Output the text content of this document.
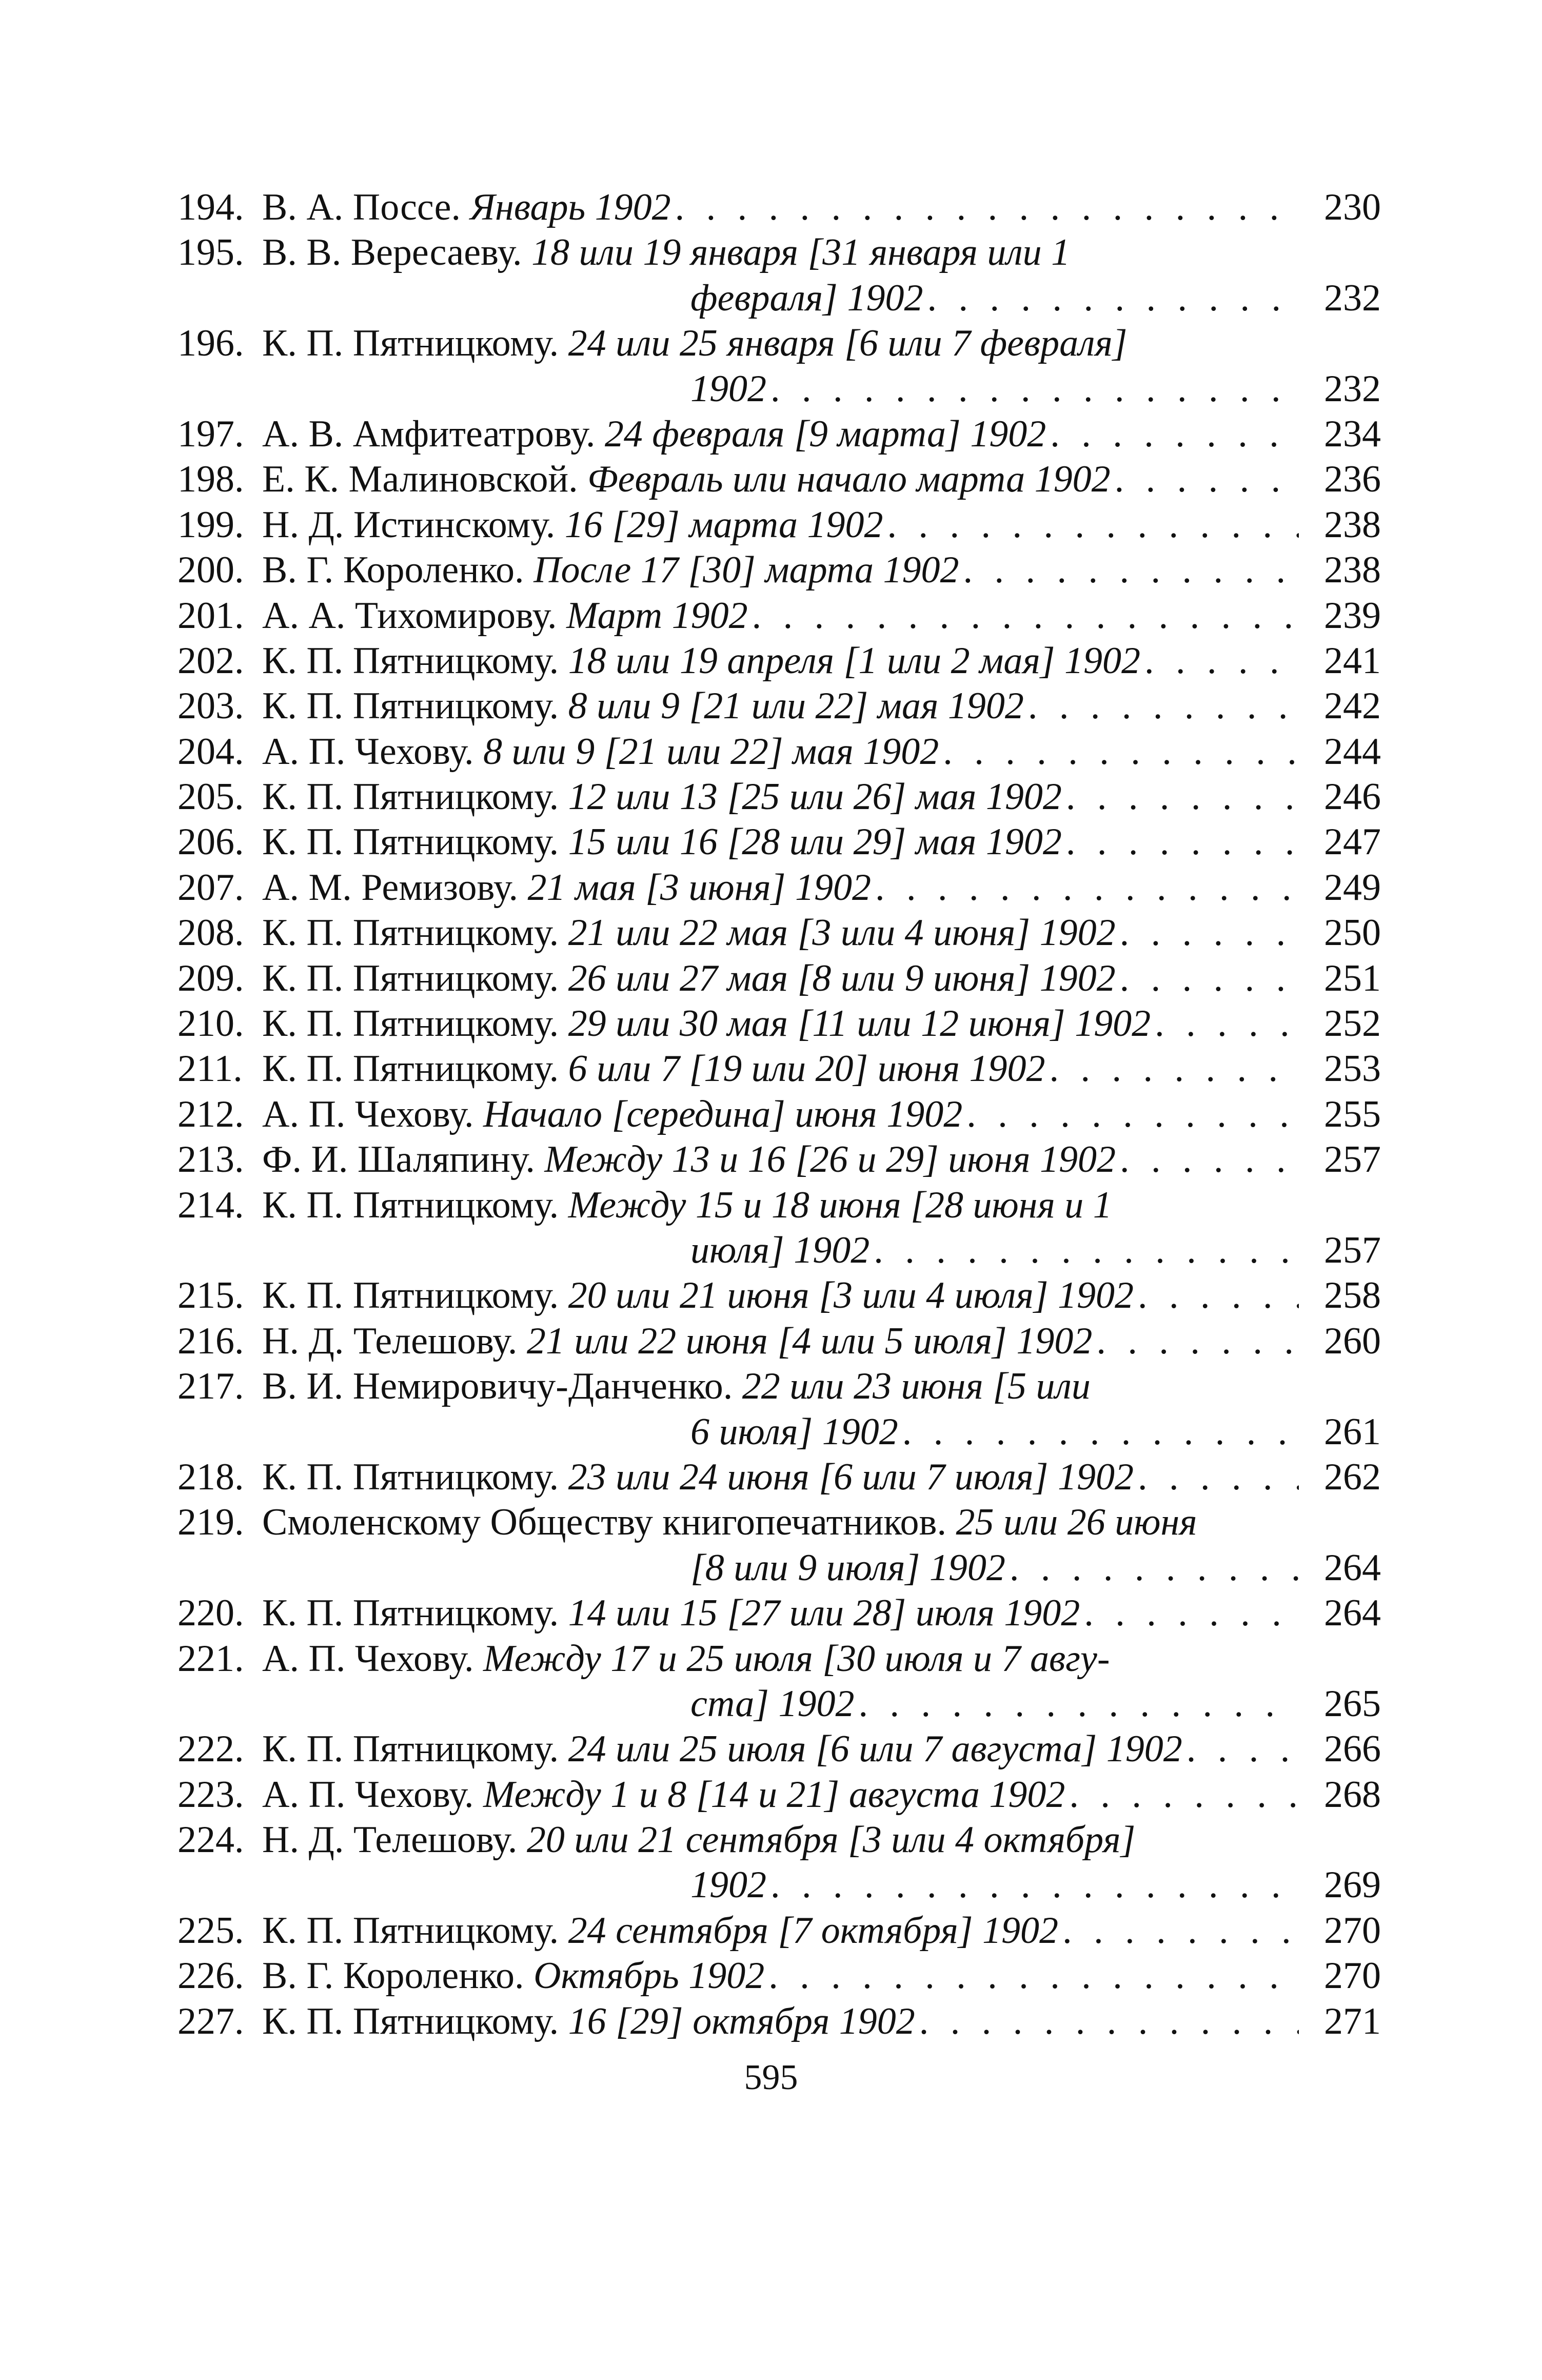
194. В. А. Поссе.
Январь 1902 . . .	230
195. В. В. Вересаеву.
18 или 19 января [31 января или 1
февраля] 1902 . . .	232
196. К. П. Пятницкому.
24 или 25 января [6 или 7 февраля]
1902 . . .	232
197. А. В. Амфитеатрову.
24 февраля [9 марта] 1902 . . .	234
198. Е. К. Малиновской.
Февраль или начало марта 1902 . . .	236
199. Н. Д. Истинскому.
16 [29] марта 1902 . . .	238
200. В. Г. Короленко.
После 17 [30] марта 1902 . . .	238
201. А. А. Тихомирову.
Март 1902 . . .	239
202. К. П. Пятницкому.
18 или 19 апреля [1 или 2 мая] 1902 . . .	241
203. К. П. Пятницкому.
8 или 9 [21 или 22] мая 1902 . . .	242
204. А. П. Чехову.
8 или 9 [21 или 22] мая 1902 . . .	244
205. К. П. Пятницкому.
12 или 13 [25 или 26] мая 1902 . . .	246
206. К. П. Пятницкому.
15 или 16 [28 или 29] мая 1902 . . .	247
207. А. М. Ремизову.
21 мая [3 июня] 1902 . . .	249
208. К. П. Пятницкому.
21 или 22 мая [3 или 4 июня] 1902 . . .	250
209. К. П. Пятницкому.
26 или 27 мая [8 или 9 июня] 1902 . . .	251
210. К. П. Пятницкому.
29 или 30 мая [11 или 12 июня] 1902 . . .	252
211. К. П. Пятницкому.
6 или 7 [19 или 20] июня 1902 . . .	253
212. А. П. Чехову.
Начало [середина] июня 1902 . . .	255
213. Ф. И. Шаляпину.
Между 13 и 16 [26 и 29] июня 1902 . . .	257
214. К. П. Пятницкому.
Между 15 и 18 июня [28 июня и 1
июля] 1902 . . .	257
215. К. П. Пятницкому.
20 или 21 июня [3 или 4 июля] 1902 . . .	258
216. Н. Д. Телешову.
21 или 22 июня [4 или 5 июля] 1902 . . .	260
217. В. И. Немировичу-Данченко.
22 или 23 июня [5 или
6 июля] 1902 . . .	261
218. К. П. Пятницкому.
23 или 24 июня [6 или 7 июля] 1902 . . .	262
219. Смоленскому Обществу книгопечатников.
25 или 26 июня
[8 или 9 июля] 1902 . . .	264
220. К. П. Пятницкому.
14 или 15 [27 или 28] июля 1902 . . .	264
221. А. П. Чехову.
Между 17 и 25 июля [30 июля и 7 авгу-
ста] 1902 . . .	265
222. К. П. Пятницкому.
24 или 25 июля [6 или 7 августа] 1902 . . .	266
223. А. П. Чехову.
Между 1 и 8 [14 и 21] августа 1902 . . .	268
224. Н. Д. Телешову.
20 или 21 сентября [3 или 4 октября]
1902 . . .	269
225. К. П. Пятницкому.
24 сентября [7 октября] 1902 . . .	270
226. В. Г. Короленко.
Октябрь 1902 . . .	270
227. К. П. Пятницкому.
16 [29] октября 1902 . . .	271
595
